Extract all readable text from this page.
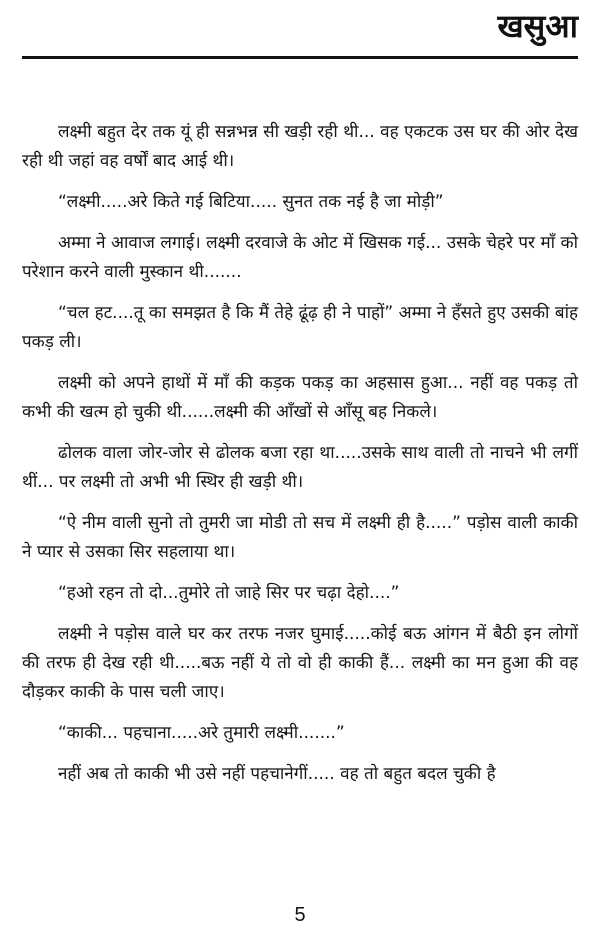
खसुआ

लक्ष्मी बहुत देर तक यूं ही सन्नभन्न सी खड़ी रही थी... वह एकटक उस घर की ओर देख रही थी जहां वह वर्षों बाद आई थी।

“लक्ष्मी.....अरे किते गई बिटिया..... सुनत तक नई है जा मोड़ी”

अम्मा ने आवाज लगाई। लक्ष्मी दरवाजे के ओट में खिसक गई... उसके चेहरे पर माँ को परेशान करने वाली मुस्कान थी.......

“चल हट....तू का समझत है कि मैं तेहे ढूंढ़ ही ने पाहों” अम्मा ने हँसते हुए उसकी बांह पकड़ ली।

लक्ष्मी को अपने हाथों में माँ की कड़क पकड़ का अहसास हुआ... नहीं वह पकड़ तो कभी की खत्म हो चुकी थी......लक्ष्मी की आँखों से आँसू बह निकले।

ढोलक वाला जोर-जोर से ढोलक बजा रहा था.....उसके साथ वाली तो नाचने भी लगीं थीं... पर लक्ष्मी तो अभी भी स्थिर ही खड़ी थी।

“ऐ नीम वाली सुनो तो तुमरी जा मोडी तो सच में लक्ष्मी ही है.....” पड़ोस वाली काकी ने प्यार से उसका सिर सहलाया था।

“हओ रहन तो दो...तुमोरे तो जाहे सिर पर चढ़ा देहो....”

लक्ष्मी ने पड़ोस वाले घर कर तरफ नजर घुमाई.....कोई बऊ आंगन में बैठी इन लोगों की तरफ ही देख रही थी.....बऊ नहीं ये तो वो ही काकी हैं... लक्ष्मी का मन हुआ की वह दौड़कर काकी के पास चली जाए।

“काकी... पहचाना.....अरे तुमारी लक्ष्मी.......”

नहीं अब तो काकी भी उसे नहीं पहचानेगीं..... वह तो बहुत बदल चुकी है

5
